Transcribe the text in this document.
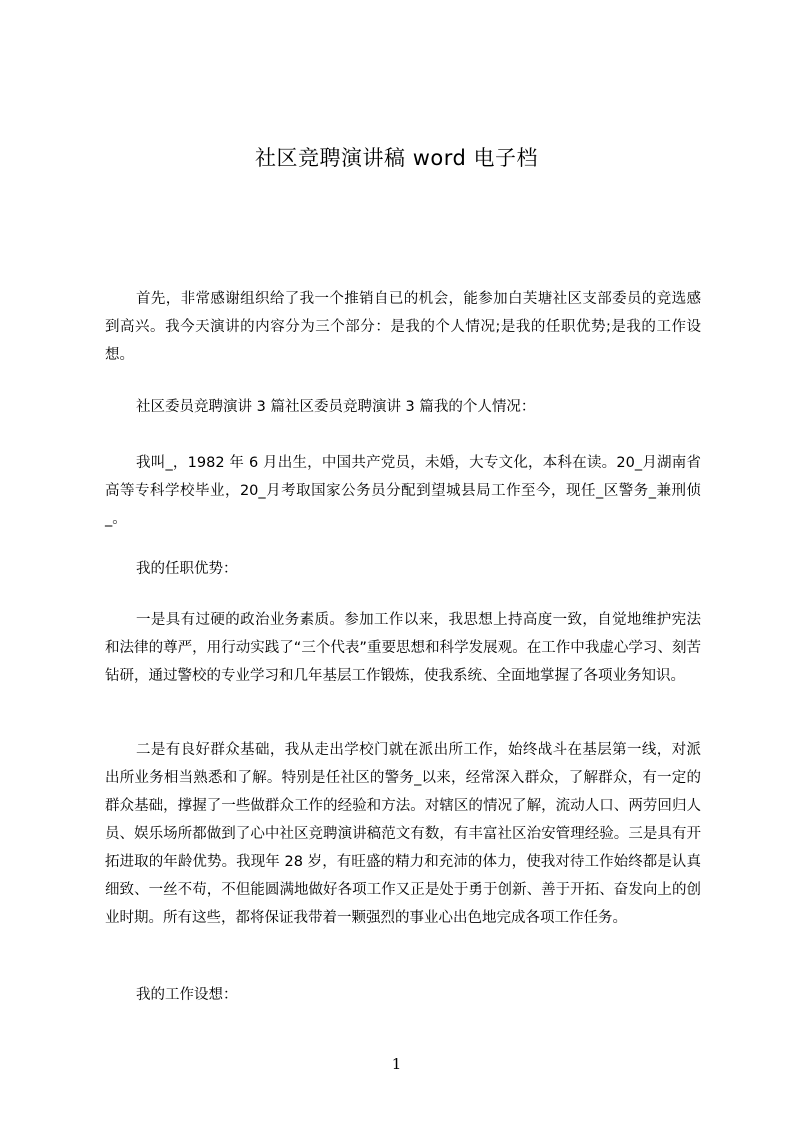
社区竞聘演讲稿 word 电子档
首先，非常感谢组织给了我一个推销自已的机会，能参加白芙塘社区支部委员的竞选感到高兴。我今天演讲的内容分为三个部分：是我的个人情况;是我的任职优势;是我的工作设想。
社区委员竞聘演讲 3 篇社区委员竞聘演讲 3 篇我的个人情况：
我叫_，1982 年 6 月出生，中国共产党员，未婚，大专文化，本科在读。20_月湖南省高等专科学校毕业，20_月考取国家公务员分配到望城县局工作至今，现任_区警务_兼刑侦_。
我的任职优势：
一是具有过硬的政治业务素质。参加工作以来，我思想上持高度一致，自觉地维护宪法和法律的尊严，用行动实践了“三个代表”重要思想和科学发展观。在工作中我虚心学习、刻苦钻研，通过警校的专业学习和几年基层工作锻炼，使我系统、全面地掌握了各项业务知识。
二是有良好群众基础，我从走出学校门就在派出所工作，始终战斗在基层第一线，对派出所业务相当熟悉和了解。特别是任社区的警务_以来，经常深入群众，了解群众，有一定的群众基础，撑握了一些做群众工作的经验和方法。对辖区的情况了解，流动人口、两劳回归人员、娱乐场所都做到了心中社区竞聘演讲稿范文有数，有丰富社区治安管理经验。三是具有开拓进取的年龄优势。我现年 28 岁，有旺盛的精力和充沛的体力，使我对待工作始终都是认真细致、一丝不苟，不但能圆满地做好各项工作又正是处于勇于创新、善于开拓、奋发向上的创业时期。所有这些，都将保证我带着一颗强烈的事业心出色地完成各项工作任务。
我的工作设想：
1
